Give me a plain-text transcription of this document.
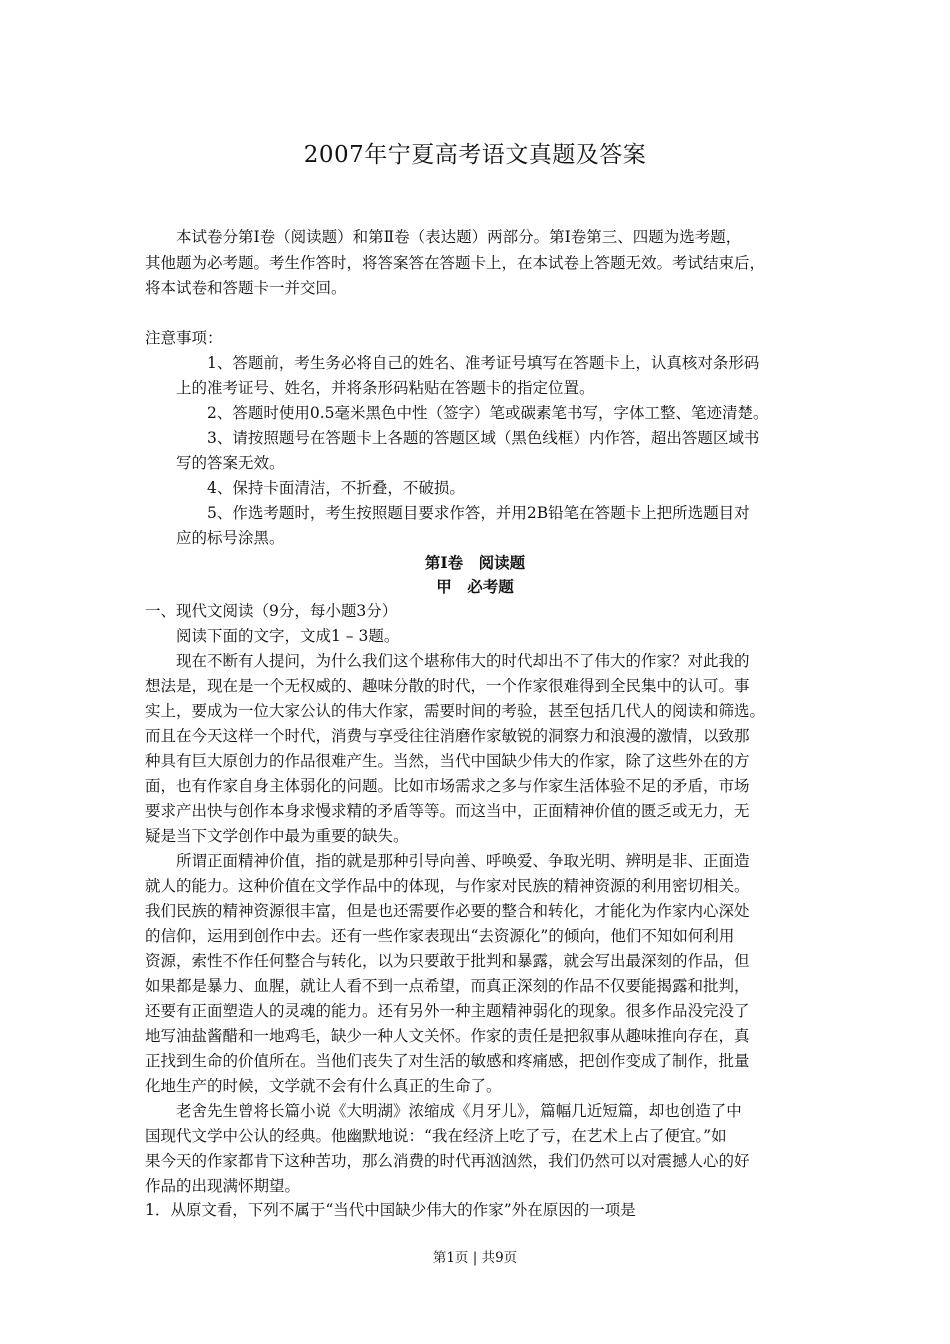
2007年宁夏高考语文真题及答案
本试卷分第Ⅰ卷（阅读题）和第Ⅱ卷（表达题）两部分。第Ⅰ卷第三、四题为选考题，
其他题为必考题。考生作答时，将答案答在答题卡上，在本试卷上答题无效。考试结束后，
将本试卷和答题卡一并交回。
注意事项：
1、答题前，考生务必将自己的姓名、准考证号填写在答题卡上，认真核对条形码
上的准考证号、姓名，并将条形码粘贴在答题卡的指定位置。
2、答题时使用0.5毫米黑色中性（签字）笔或碳素笔书写，字体工整、笔迹清楚。
3、请按照题号在答题卡上各题的答题区域（黑色线框）内作答，超出答题区域书
写的答案无效。
4、保持卡面清洁，不折叠，不破损。
5、作选考题时，考生按照题目要求作答，并用2B铅笔在答题卡上把所选题目对
应的标号涂黑。
第Ⅰ卷　阅读题
甲　必考题
一、现代文阅读（9分，每小题3分）
阅读下面的文字，文成1 – 3题。
现在不断有人提问，为什么我们这个堪称伟大的时代却出不了伟大的作家？对此我的
想法是，现在是一个无权威的、趣味分散的时代，一个作家很难得到全民集中的认可。事
实上，要成为一位大家公认的伟大作家，需要时间的考验，甚至包括几代人的阅读和筛选。
而且在今天这样一个时代，消费与享受往往消磨作家敏锐的洞察力和浪漫的激情，以致那
种具有巨大原创力的作品很难产生。当然，当代中国缺少伟大的作家，除了这些外在的方
面，也有作家自身主体弱化的问题。比如市场需求之多与作家生活体验不足的矛盾，市场
要求产出快与创作本身求慢求精的矛盾等等。而这当中，正面精神价值的匮乏或无力，无
疑是当下文学创作中最为重要的缺失。
所谓正面精神价值，指的就是那种引导向善、呼唤爱、争取光明、辨明是非、正面造
就人的能力。这种价值在文学作品中的体现，与作家对民族的精神资源的利用密切相关。
我们民族的精神资源很丰富，但是也还需要作必要的整合和转化，才能化为作家内心深处
的信仰，运用到创作中去。还有一些作家表现出“去资源化”的倾向，他们不知如何利用
资源，索性不作任何整合与转化，以为只要敢于批判和暴露，就会写出最深刻的作品，但
如果都是暴力、血腥，就让人看不到一点希望，而真正深刻的作品不仅要能揭露和批判，
还要有正面塑造人的灵魂的能力。还有另外一种主题精神弱化的现象。很多作品没完没了
地写油盐酱醋和一地鸡毛，缺少一种人文关怀。作家的责任是把叙事从趣味推向存在，真
正找到生命的价值所在。当他们丧失了对生活的敏感和疼痛感，把创作变成了制作，批量
化地生产的时候，文学就不会有什么真正的生命了。
老舍先生曾将长篇小说《大明湖》浓缩成《月牙儿》，篇幅几近短篇，却也创造了中
国现代文学中公认的经典。他幽默地说：“我在经济上吃了亏，在艺术上占了便宜。”如
果今天的作家都肯下这种苦功，那么消费的时代再汹汹然，我们仍然可以对震撼人心的好
作品的出现满怀期望。
1．从原文看，下列不属于“当代中国缺少伟大的作家”外在原因的一项是
第1页 | 共9页
